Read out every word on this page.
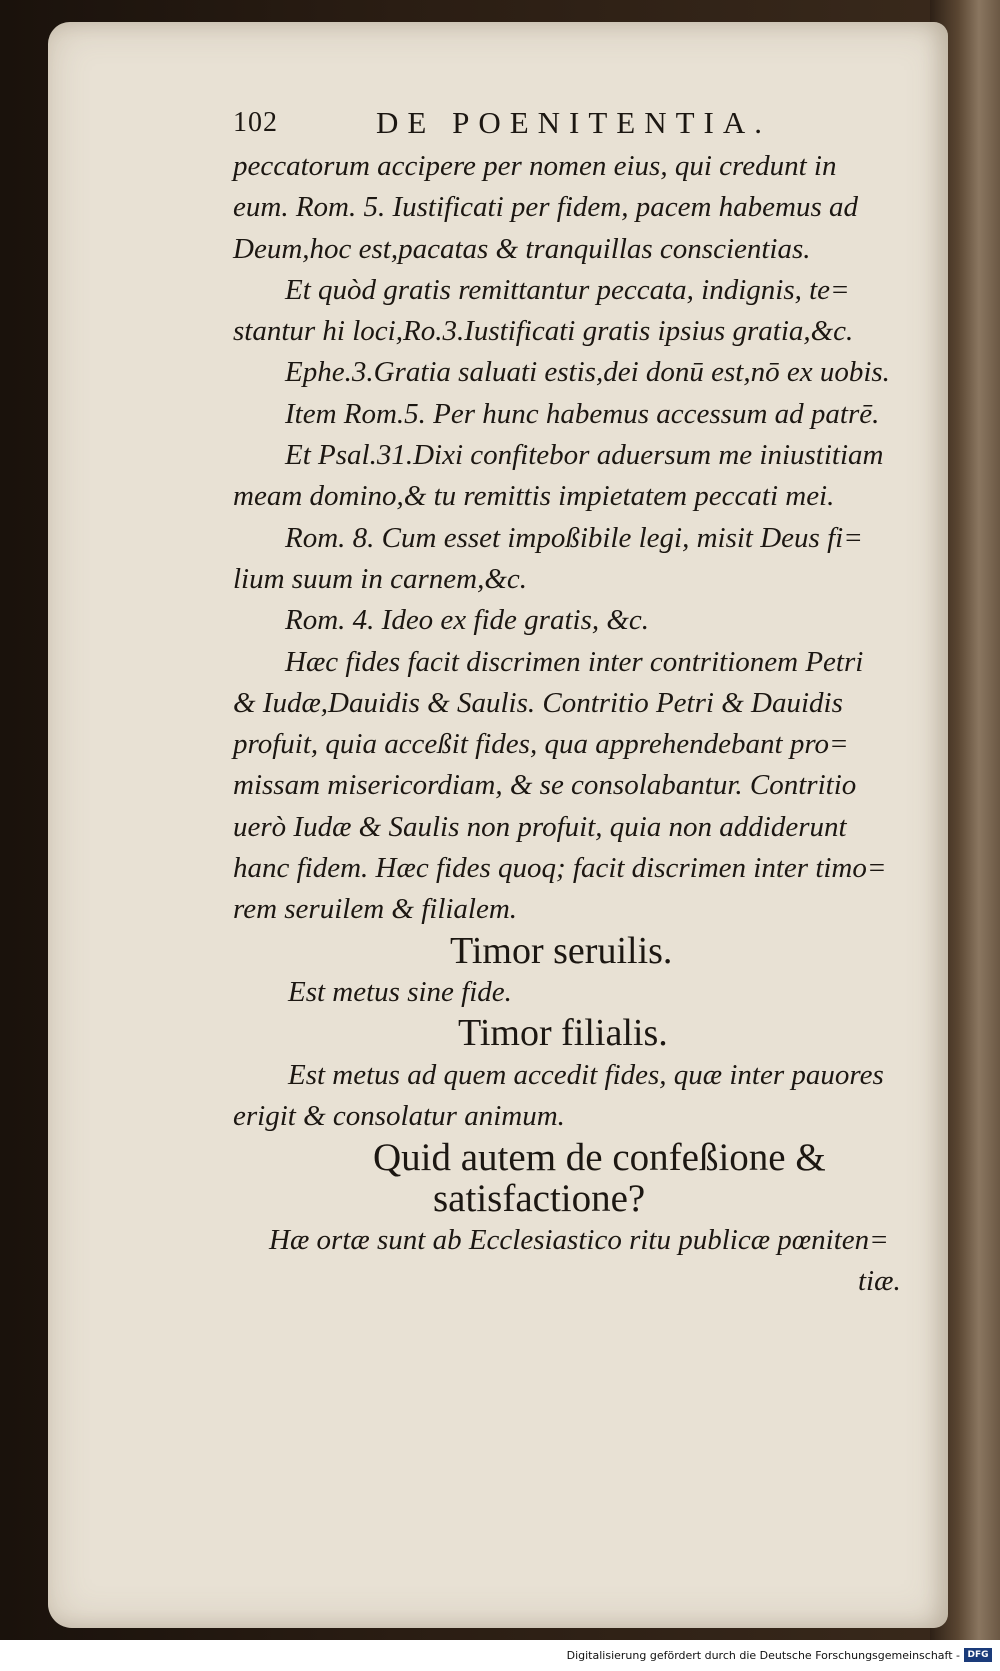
102	DE POENITENTIA.
peccatorum accipere per nomen eius, qui credunt in
eum. Rom. 5. Iustificati per fidem, pacem habemus ad
Deum,hoc est,pacatas & tranquillas conscientias.
Et quòd gratis remittantur peccata, indignis, te=
stantur hi loci,Ro.3.Iustificati gratis ipsius gratia,&c.
Ephe.3.Gratia saluati estis,dei donū est,nō ex uobis.
Item Rom.5. Per hunc habemus accessum ad patrē.
Et Psal.31.Dixi confitebor aduersum me iniustitiam
meam domino,& tu remittis impietatem peccati mei.
Rom. 8. Cum esset impoßibile legi, misit Deus fi=
lium suum in carnem,&c.
Rom. 4. Ideo ex fide gratis, &c.
Hæc fides facit discrimen inter contritionem Petri
& Iudæ,Dauidis & Saulis. Contritio Petri & Dauidis
profuit, quia acceßit fides, qua apprehendebant pro=
missam misericordiam, & se consolabantur. Contritio
uerò Iudæ & Saulis non profuit, quia non addiderunt
hanc fidem. Hæc fides quoq; facit discrimen inter timo=
rem seruilem & filialem.
Timor seruilis.
Est metus sine fide.
Timor filialis.
Est metus ad quem accedit fides, quæ inter pauores
erigit & consolatur animum.
Quid autem de confeßione &
satisfactione?
Hæ ortæ sunt ab Ecclesiastico ritu publicæ pœniten=
tiæ.
Digitalisierung gefördert durch die Deutsche Forschungsgemeinschaft - DFG
